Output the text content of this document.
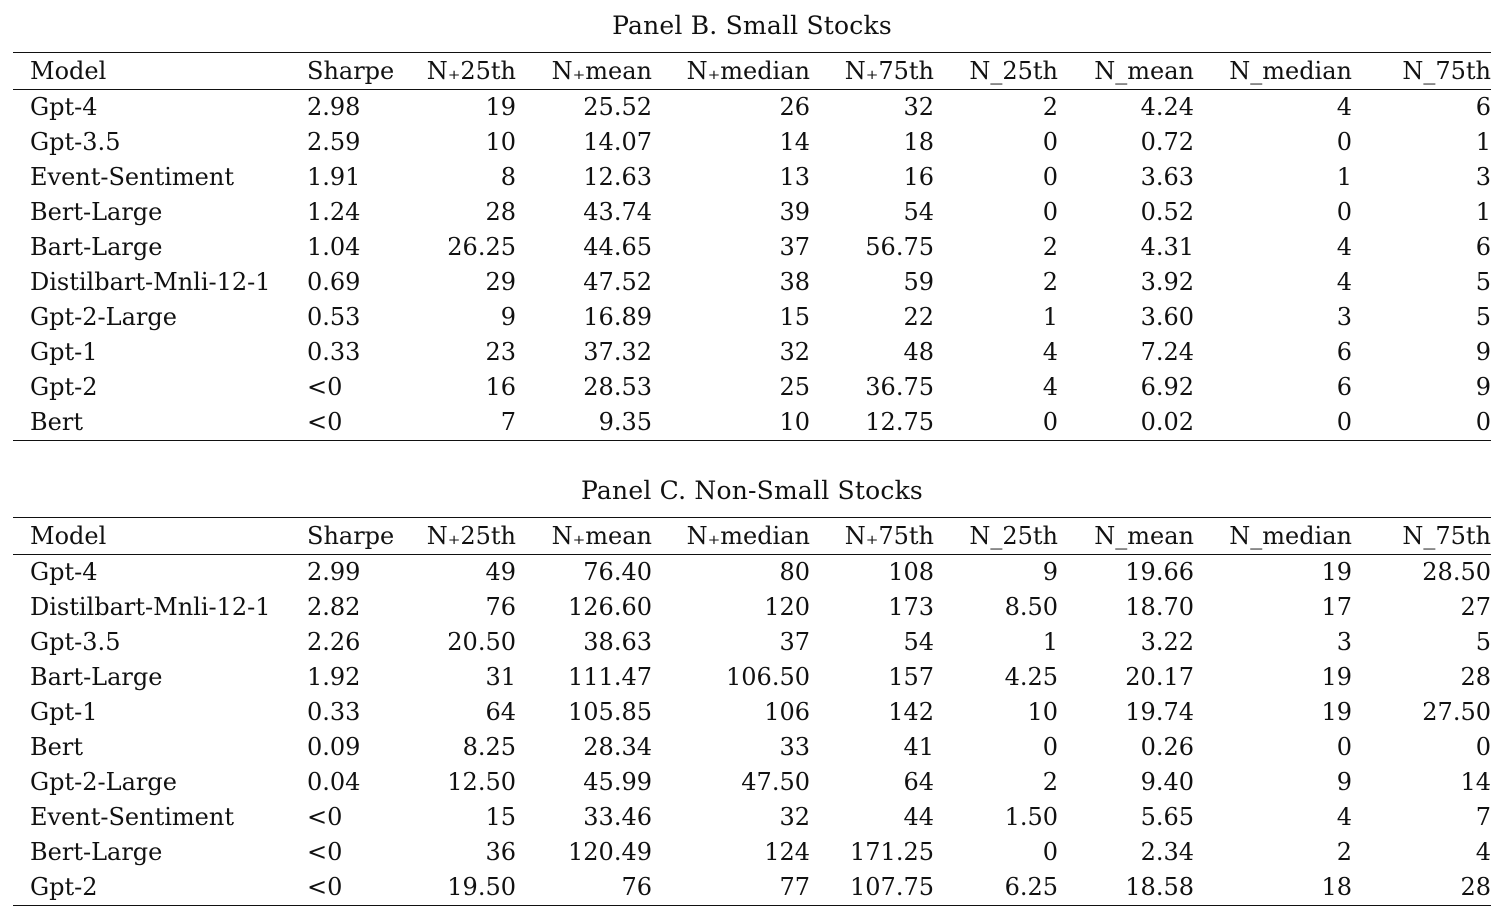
Panel B. Small Stocks
Model	Sharpe	N₊25th	N₊mean	N₊median	N₊75th	N_25th	N_mean	N_median	N_75th
Gpt-4	2.98	19	25.52	26	32	2	4.24	4	6
Gpt-3.5	2.59	10	14.07	14	18	0	0.72	0	1
Event-Sentiment	1.91	8	12.63	13	16	0	3.63	1	3
Bert-Large	1.24	28	43.74	39	54	0	0.52	0	1
Bart-Large	1.04	26.25	44.65	37	56.75	2	4.31	4	6
Distilbart-Mnli-12-1	0.69	29	47.52	38	59	2	3.92	4	5
Gpt-2-Large	0.53	9	16.89	15	22	1	3.60	3	5
Gpt-1	0.33	23	37.32	32	48	4	7.24	6	9
Gpt-2	<0	16	28.53	25	36.75	4	6.92	6	9
Bert	<0	7	9.35	10	12.75	0	0.02	0	0
Panel C. Non-Small Stocks
Model	Sharpe	N₊25th	N₊mean	N₊median	N₊75th	N_25th	N_mean	N_median	N_75th
Gpt-4	2.99	49	76.40	80	108	9	19.66	19	28.50
Distilbart-Mnli-12-1	2.82	76	126.60	120	173	8.50	18.70	17	27
Gpt-3.5	2.26	20.50	38.63	37	54	1	3.22	3	5
Bart-Large	1.92	31	111.47	106.50	157	4.25	20.17	19	28
Gpt-1	0.33	64	105.85	106	142	10	19.74	19	27.50
Bert	0.09	8.25	28.34	33	41	0	0.26	0	0
Gpt-2-Large	0.04	12.50	45.99	47.50	64	2	9.40	9	14
Event-Sentiment	<0	15	33.46	32	44	1.50	5.65	4	7
Bert-Large	<0	36	120.49	124	171.25	0	2.34	2	4
Gpt-2	<0	19.50	76	77	107.75	6.25	18.58	18	28
